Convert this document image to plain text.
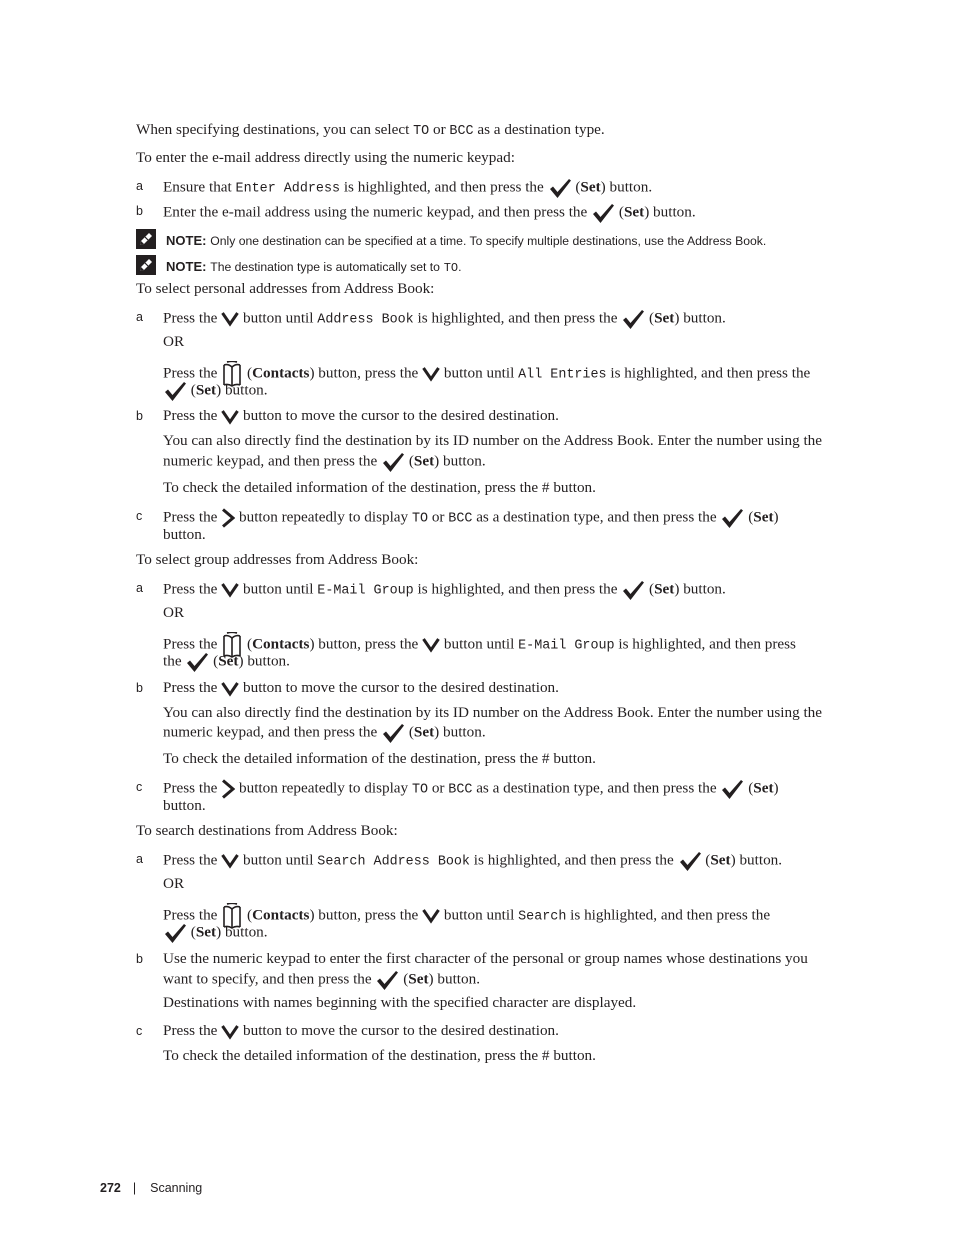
When specifying destinations, you can select TO or BCC as a destination type.
To enter the e-mail address directly using the numeric keypad:
a Ensure that Enter Address is highlighted, and then press the (Set) button.
b Enter the e-mail address using the numeric keypad, and then press the (Set) button.
NOTE: Only one destination can be specified at a time. To specify multiple destinations, use the Address Book.
NOTE: The destination type is automatically set to TO.
To select personal addresses from Address Book:
a Press the button until Address Book is highlighted, and then press the (Set) button.
OR
Press the (Contacts) button, press the button until All Entries is highlighted, and then press the
(Set) button.
b Press the button to move the cursor to the desired destination.
You can also directly find the destination by its ID number on the Address Book. Enter the number using the
numeric keypad, and then press the (Set) button.
To check the detailed information of the destination, press the # button.
c Press the button repeatedly to display TO or BCC as a destination type, and then press the (Set)
button.
To select group addresses from Address Book:
a Press the button until E-Mail Group is highlighted, and then press the (Set) button.
OR
Press the (Contacts) button, press the button until E-Mail Group is highlighted, and then press
the (Set) button.
b Press the button to move the cursor to the desired destination.
You can also directly find the destination by its ID number on the Address Book. Enter the number using the
numeric keypad, and then press the (Set) button.
To check the detailed information of the destination, press the # button.
c Press the button repeatedly to display TO or BCC as a destination type, and then press the (Set)
button.
To search destinations from Address Book:
a Press the button until Search Address Book is highlighted, and then press the (Set) button.
OR
Press the (Contacts) button, press the button until Search is highlighted, and then press the
(Set) button.
b Use the numeric keypad to enter the first character of the personal or group names whose destinations you
want to specify, and then press the (Set) button.
Destinations with names beginning with the specified character are displayed.
c Press the button to move the cursor to the desired destination.
To check the detailed information of the destination, press the # button.
272 | Scanning
